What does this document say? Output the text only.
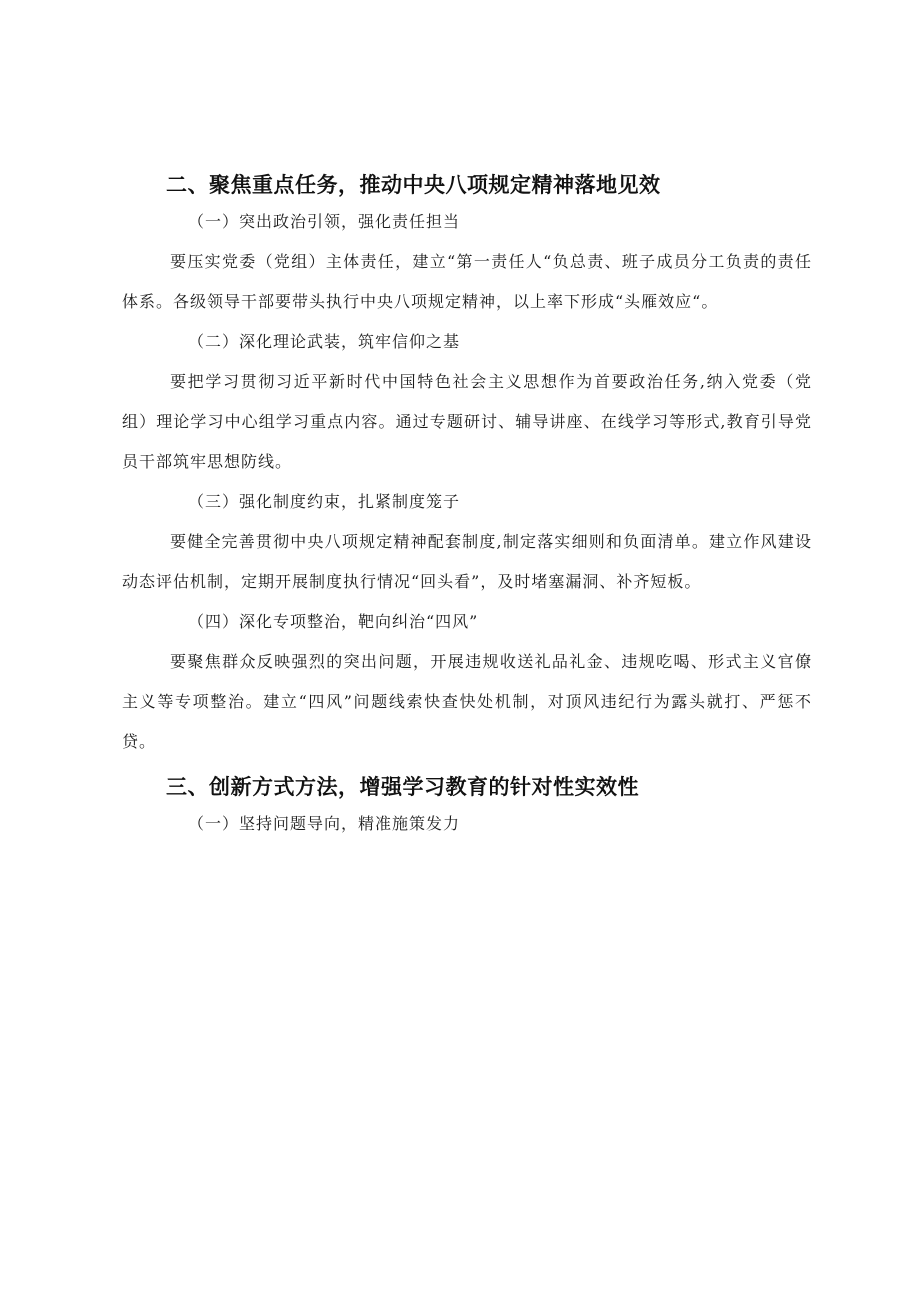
二、聚焦重点任务，推动中央八项规定精神落地见效
（一）突出政治引领，强化责任担当

要压实党委（党组）主体责任，建立“第一责任人“负总责、班子成员分工负责的责任体系。各级领导干部要带头执行中央八项规定精神，以上率下形成“头雁效应“。

（二）深化理论武装，筑牢信仰之基

要把学习贯彻习近平新时代中国特色社会主义思想作为首要政治任务,纳入党委（党组）理论学习中心组学习重点内容。通过专题研讨、辅导讲座、在线学习等形式,教育引导党员干部筑牢思想防线。

（三）强化制度约束，扎紧制度笼子

要健全完善贯彻中央八项规定精神配套制度,制定落实细则和负面清单。建立作风建设动态评估机制，定期开展制度执行情况“回头看”，及时堵塞漏洞、补齐短板。

（四）深化专项整治，靶向纠治“四风”

要聚焦群众反映强烈的突出问题，开展违规收送礼品礼金、违规吃喝、形式主义官僚主义等专项整治。建立“四风”问题线索快查快处机制，对顶风违纪行为露头就打、严惩不贷。

三、创新方式方法，增强学习教育的针对性实效性
（一）坚持问题导向，精准施策发力
